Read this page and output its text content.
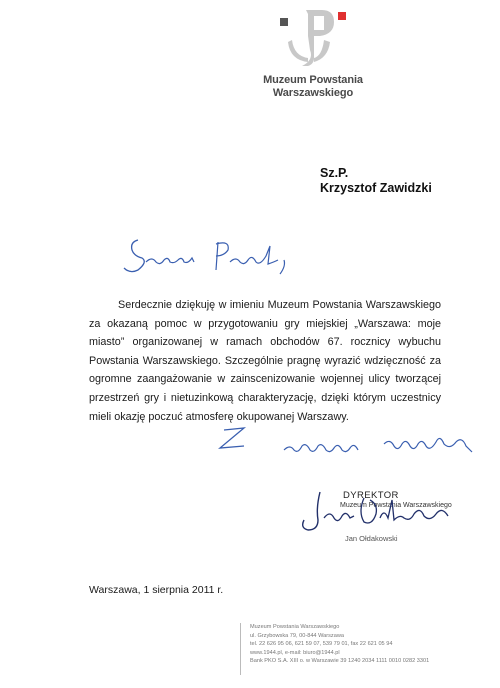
Muzeum Powstania
Warszawskiego
Sz.P.
Krzysztof Zawidzki

Serdecznie dziękuję w imieniu Muzeum Powstania Warszawskiego za okazaną pomoc w przygotowaniu gry miejskiej „Warszawa: moje miasto” organizowanej w ramach obchodów 67. rocznicy wybuchu Powstania Warszawskiego. Szczególnie pragnę wyrazić wdzięczność za ogromne zaangażowanie w zainscenizowanie wojennej ulicy tworzącej przestrzeń gry i nietuzinkową charakteryzację, dzięki którym uczestnicy mieli okazję poczuć atmosferę okupowanej Warszawy.

DYREKTOR
Muzeum Powstania Warszawskiego
Jan Ołdakowski
Warszawa, 1 sierpnia 2011 r.
Muzeum Powstania Warszawskiego
ul. Grzybowska 79, 00-844 Warszawa
tel. 22 626 95 06, 621 59 07, 539 79 01, fax 22 621 05 94
www.1944.pl, e-mail: biuro@1944.pl
Bank PKO S.A. XIII o. w Warszawie 39 1240 2034 1111 0010 0282 3301
